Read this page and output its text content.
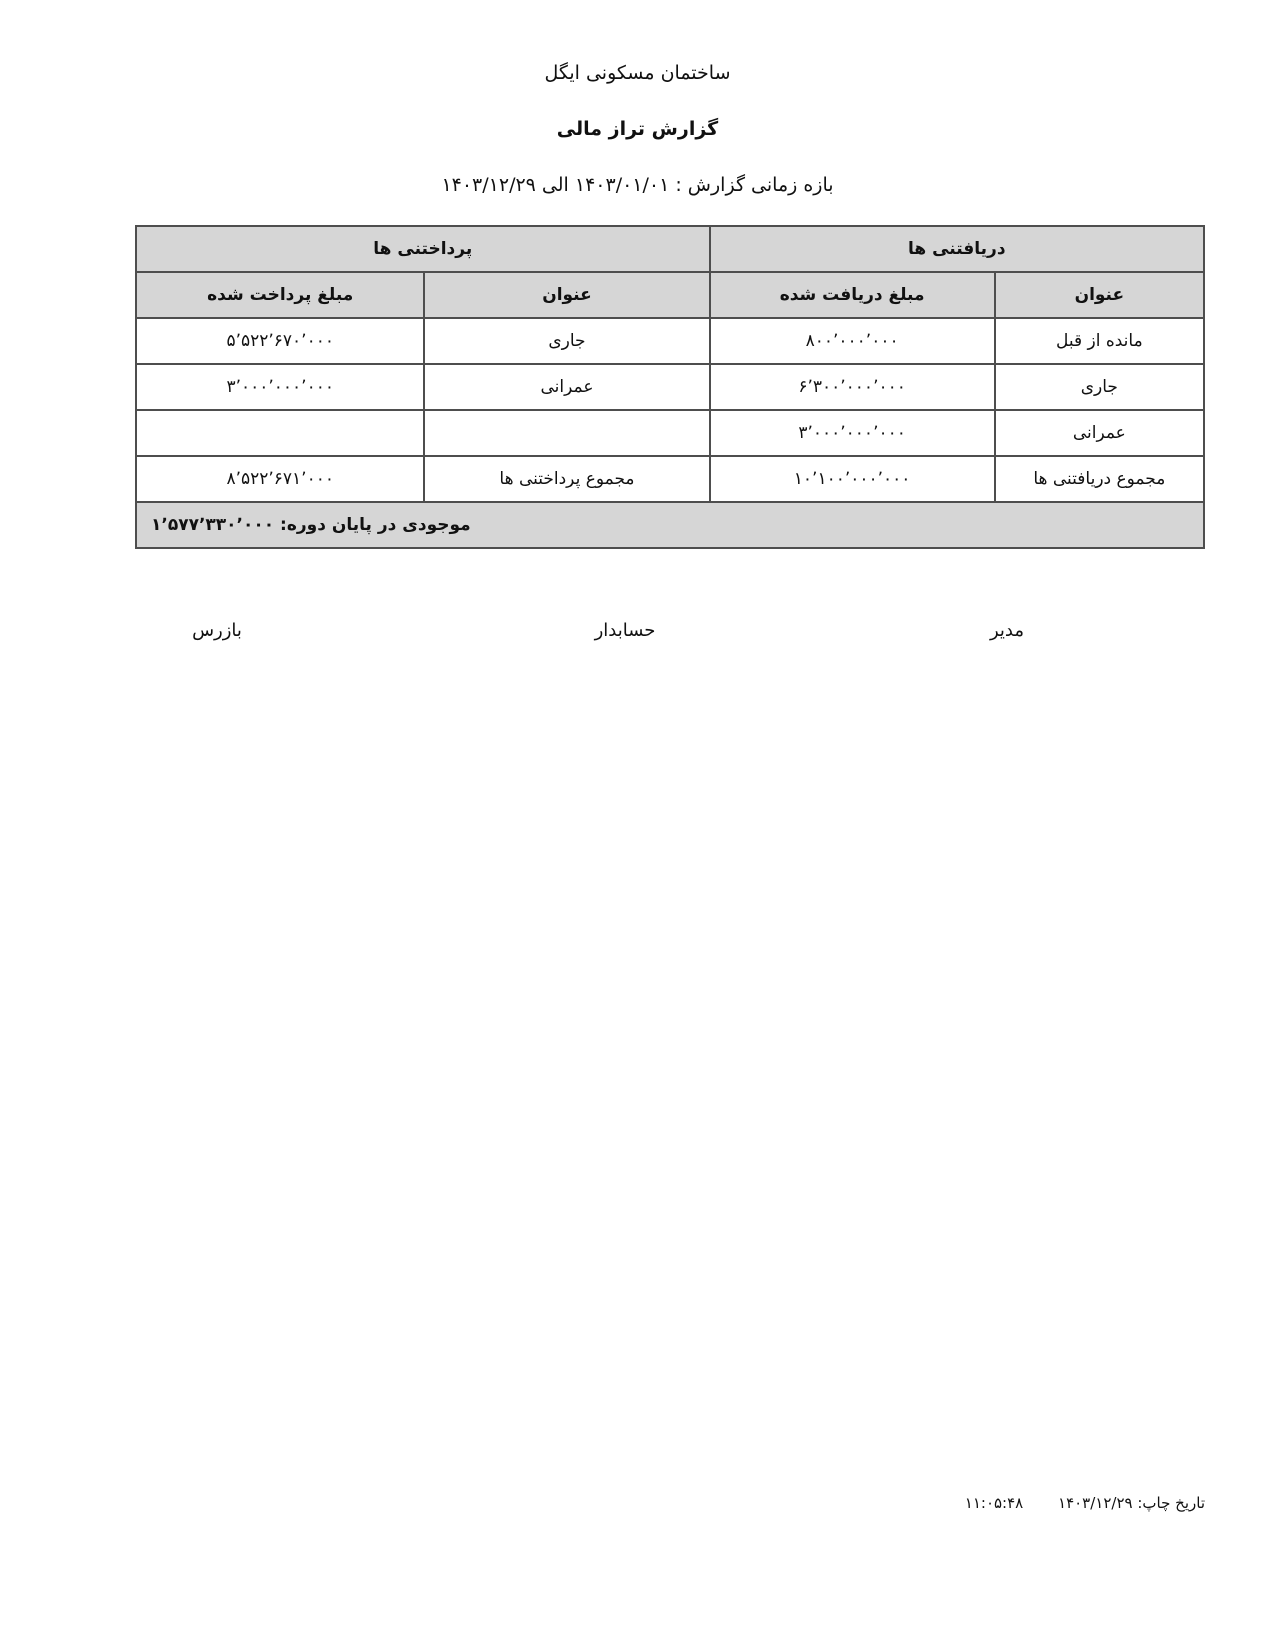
ساختمان مسکونی ایگل
گزارش تراز مالی
بازه زمانی گزارش : ۱۴۰۳/۰۱/۰۱ الی ۱۴۰۳/۱۲/۲۹
دریافتنی ها		پرداختنی ها	
عنوان	مبلغ دریافت شده	عنوان	مبلغ پرداخت شده
مانده از قبل	۸۰۰٬۰۰۰٬۰۰۰	جاری	۵٬۵۲۲٬۶۷۰٬۰۰۰
جاری	۶٬۳۰۰٬۰۰۰٬۰۰۰	عمرانی	۳٬۰۰۰٬۰۰۰٬۰۰۰
عمرانی	۳٬۰۰۰٬۰۰۰٬۰۰۰		
مجموع دریافتنی ها	۱۰٬۱۰۰٬۰۰۰٬۰۰۰	مجموع پرداختنی ها	۸٬۵۲۲٬۶۷۱٬۰۰۰
موجودی در پایان دوره: ۱٬۵۷۷٬۳۳۰٬۰۰۰			
مدیر
حسابدار
بازرس
تاریخ چاپ: ۱۴۰۳/۱۲/۲۹ ۱۱:۰۵:۴۸
